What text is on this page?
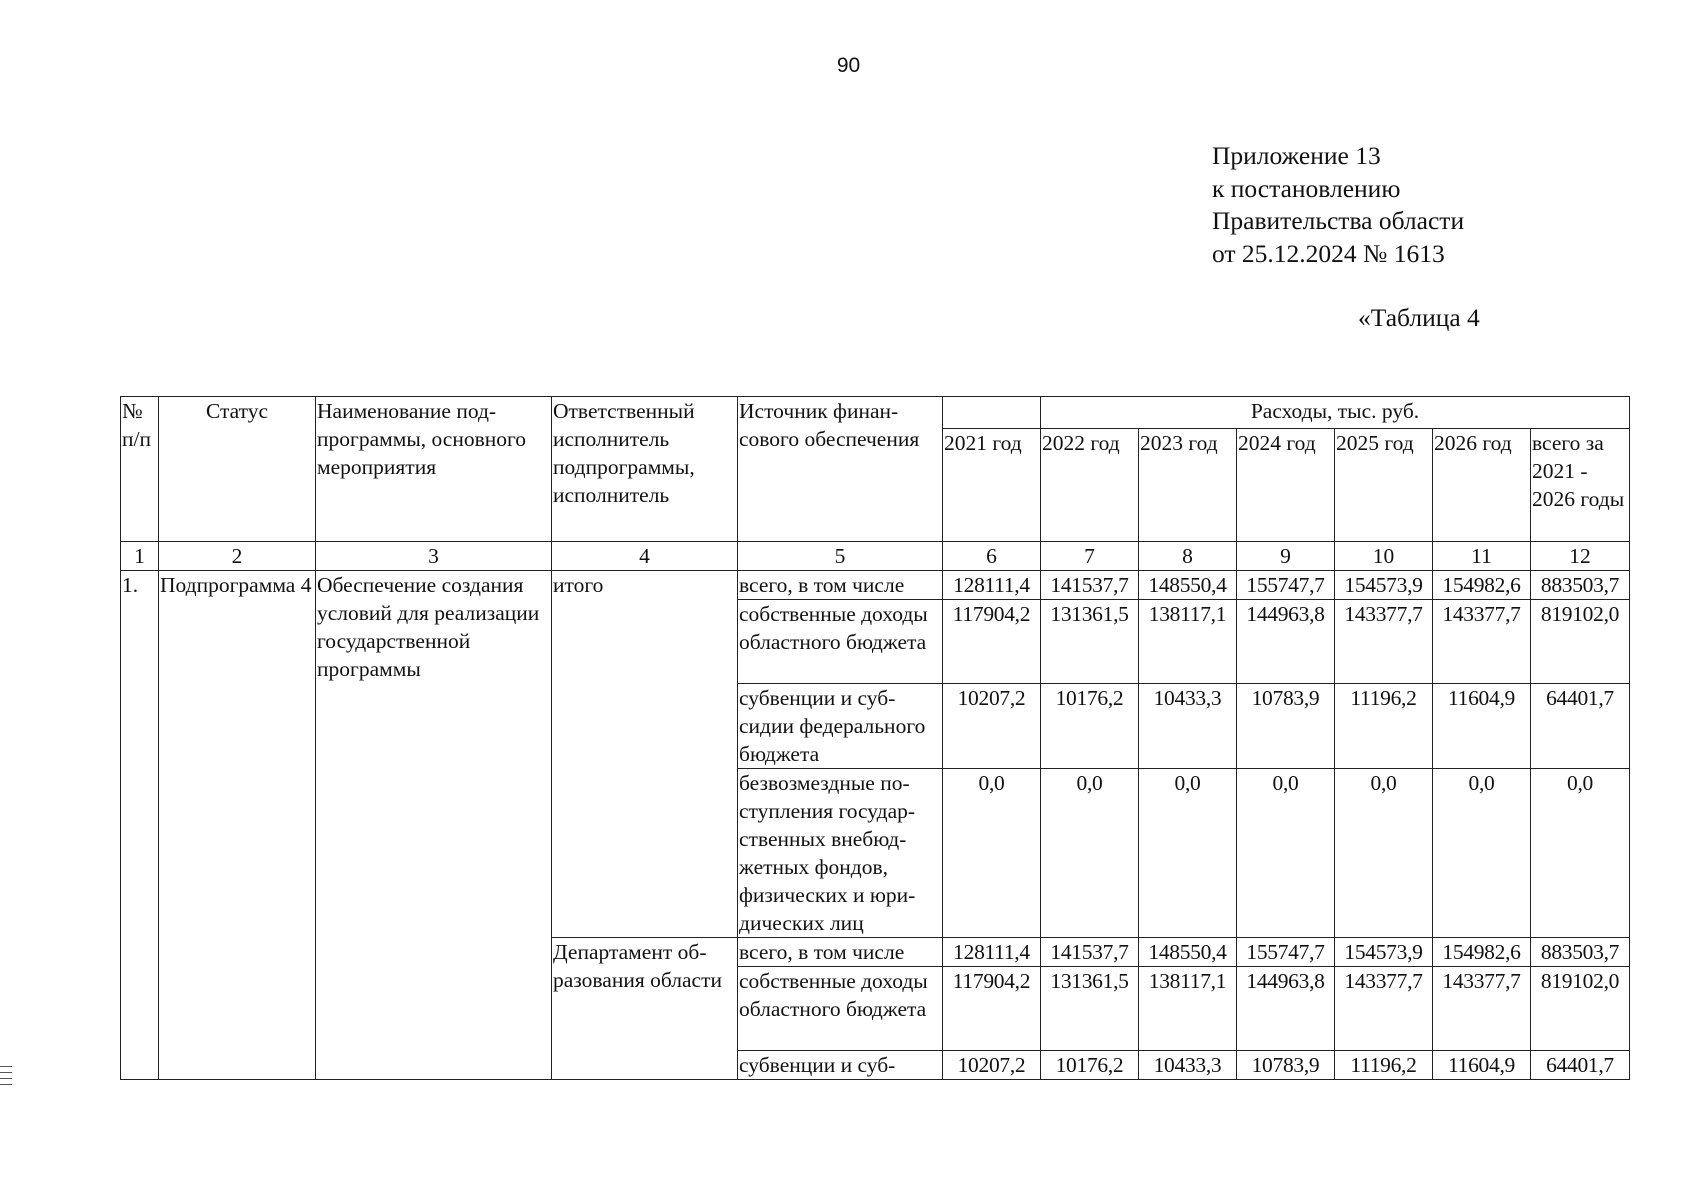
90
Приложение 13
к постановлению
Правительства области
от 25.12.2024 № 1613
«Таблица 4
№ п/п	Статус	Наименование подпрограммы, основного мероприятия	Ответственный исполнитель подпрограммы, исполнитель	Источник финансового обеспечения		Расходы, тыс. руб.					
					2021 год	2022 год	2023 год	2024 год	2025 год	2026 год	всего за 2021 - 2026 годы
1	2	3	4	5	6	7	8	9	10	11	12
1.	Подпрограмма 4	Обеспечение создания условий для реализации государственной программы	итого	всего, в том числе	128111,4	141537,7	148550,4	155747,7	154573,9	154982,6	883503,7
				собственные доходы областного бюджета	117904,2	131361,5	138117,1	144963,8	143377,7	143377,7	819102,0
				субвенции и субсидии федерального бюджета	10207,2	10176,2	10433,3	10783,9	11196,2	11604,9	64401,7
				безвозмездные поступления государственных внебюджетных фондов, физических и юридических лиц	0,0	0,0	0,0	0,0	0,0	0,0	0,0
			Департамент образования области	всего, в том числе	128111,4	141537,7	148550,4	155747,7	154573,9	154982,6	883503,7
				собственные доходы областного бюджета	117904,2	131361,5	138117,1	144963,8	143377,7	143377,7	819102,0
				субвенции и суб-	10207,2	10176,2	10433,3	10783,9	11196,2	11604,9	64401,7
